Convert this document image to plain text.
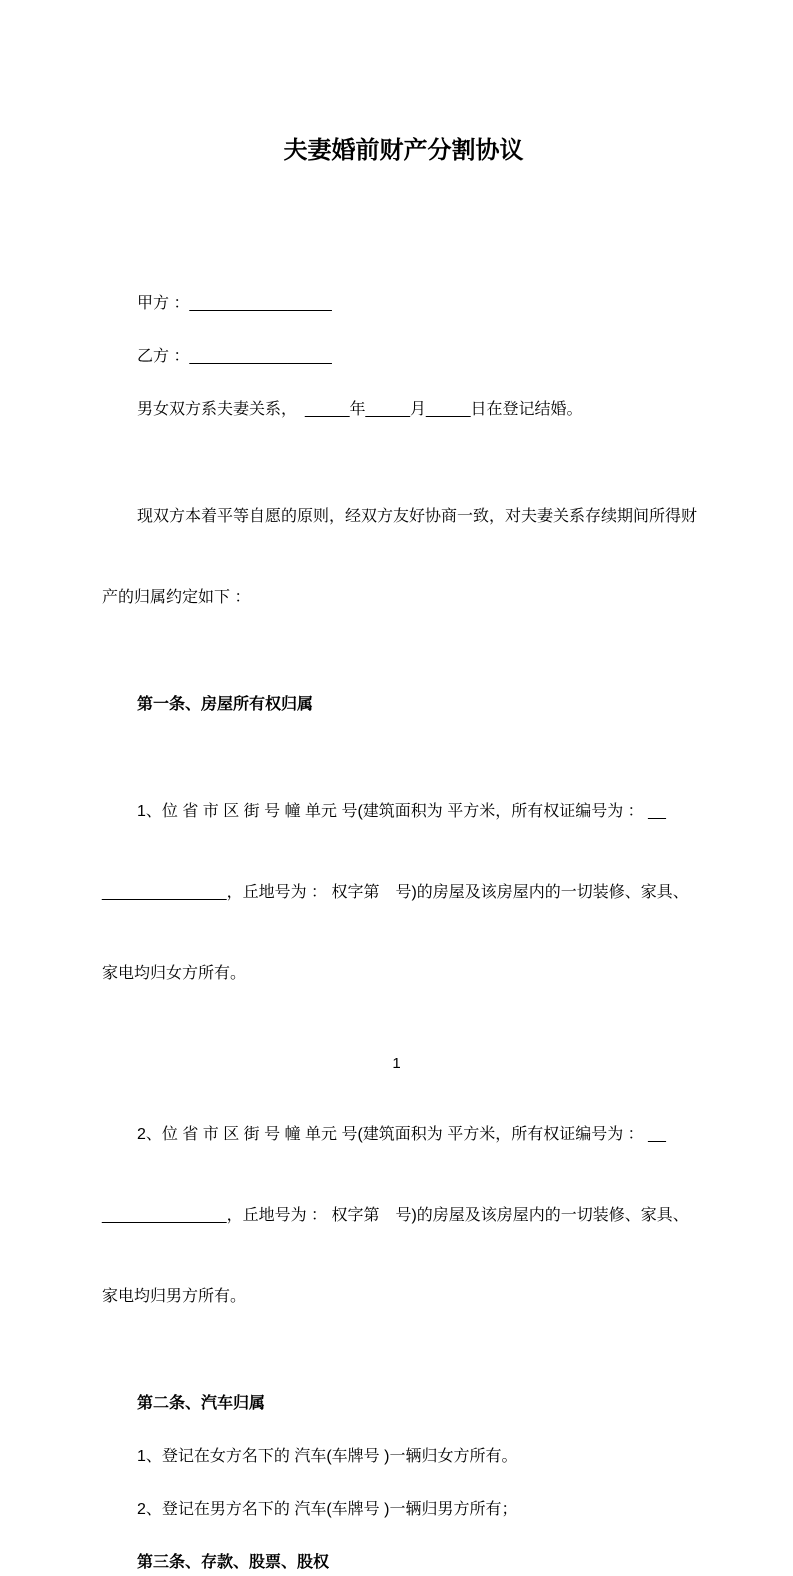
夫妻婚前财产分割协议

甲方 ：________________

乙方 ：________________

男女双方系夫妻关系，　_____年_____月_____日在登记结婚。

现双方本着平等自愿的原则，经双方友好协商一致，对夫妻关系存续期间所得财

产的归属约定如下 ：

第一条、房屋所有权归属

1、位 省 市 区 街 号 幢 单元 号(建筑面积为 平方米，所有权证编号为 ： __

______________，丘地号为 ： 权字第　号)的房屋及该房屋内的一切装修、家具、

家电均归女方所有。

2、位 省 市 区 街 号 幢 单元 号(建筑面积为 平方米，所有权证编号为 ： __

______________，丘地号为 ： 权字第　号)的房屋及该房屋内的一切装修、家具、

家电均归男方所有。

第二条、汽车归属

1、登记在女方名下的 汽车(车牌号 )一辆归女方所有。

2、登记在男方名下的 汽车(车牌号 )一辆归男方所有；

第三条、存款、股票、股权

1
